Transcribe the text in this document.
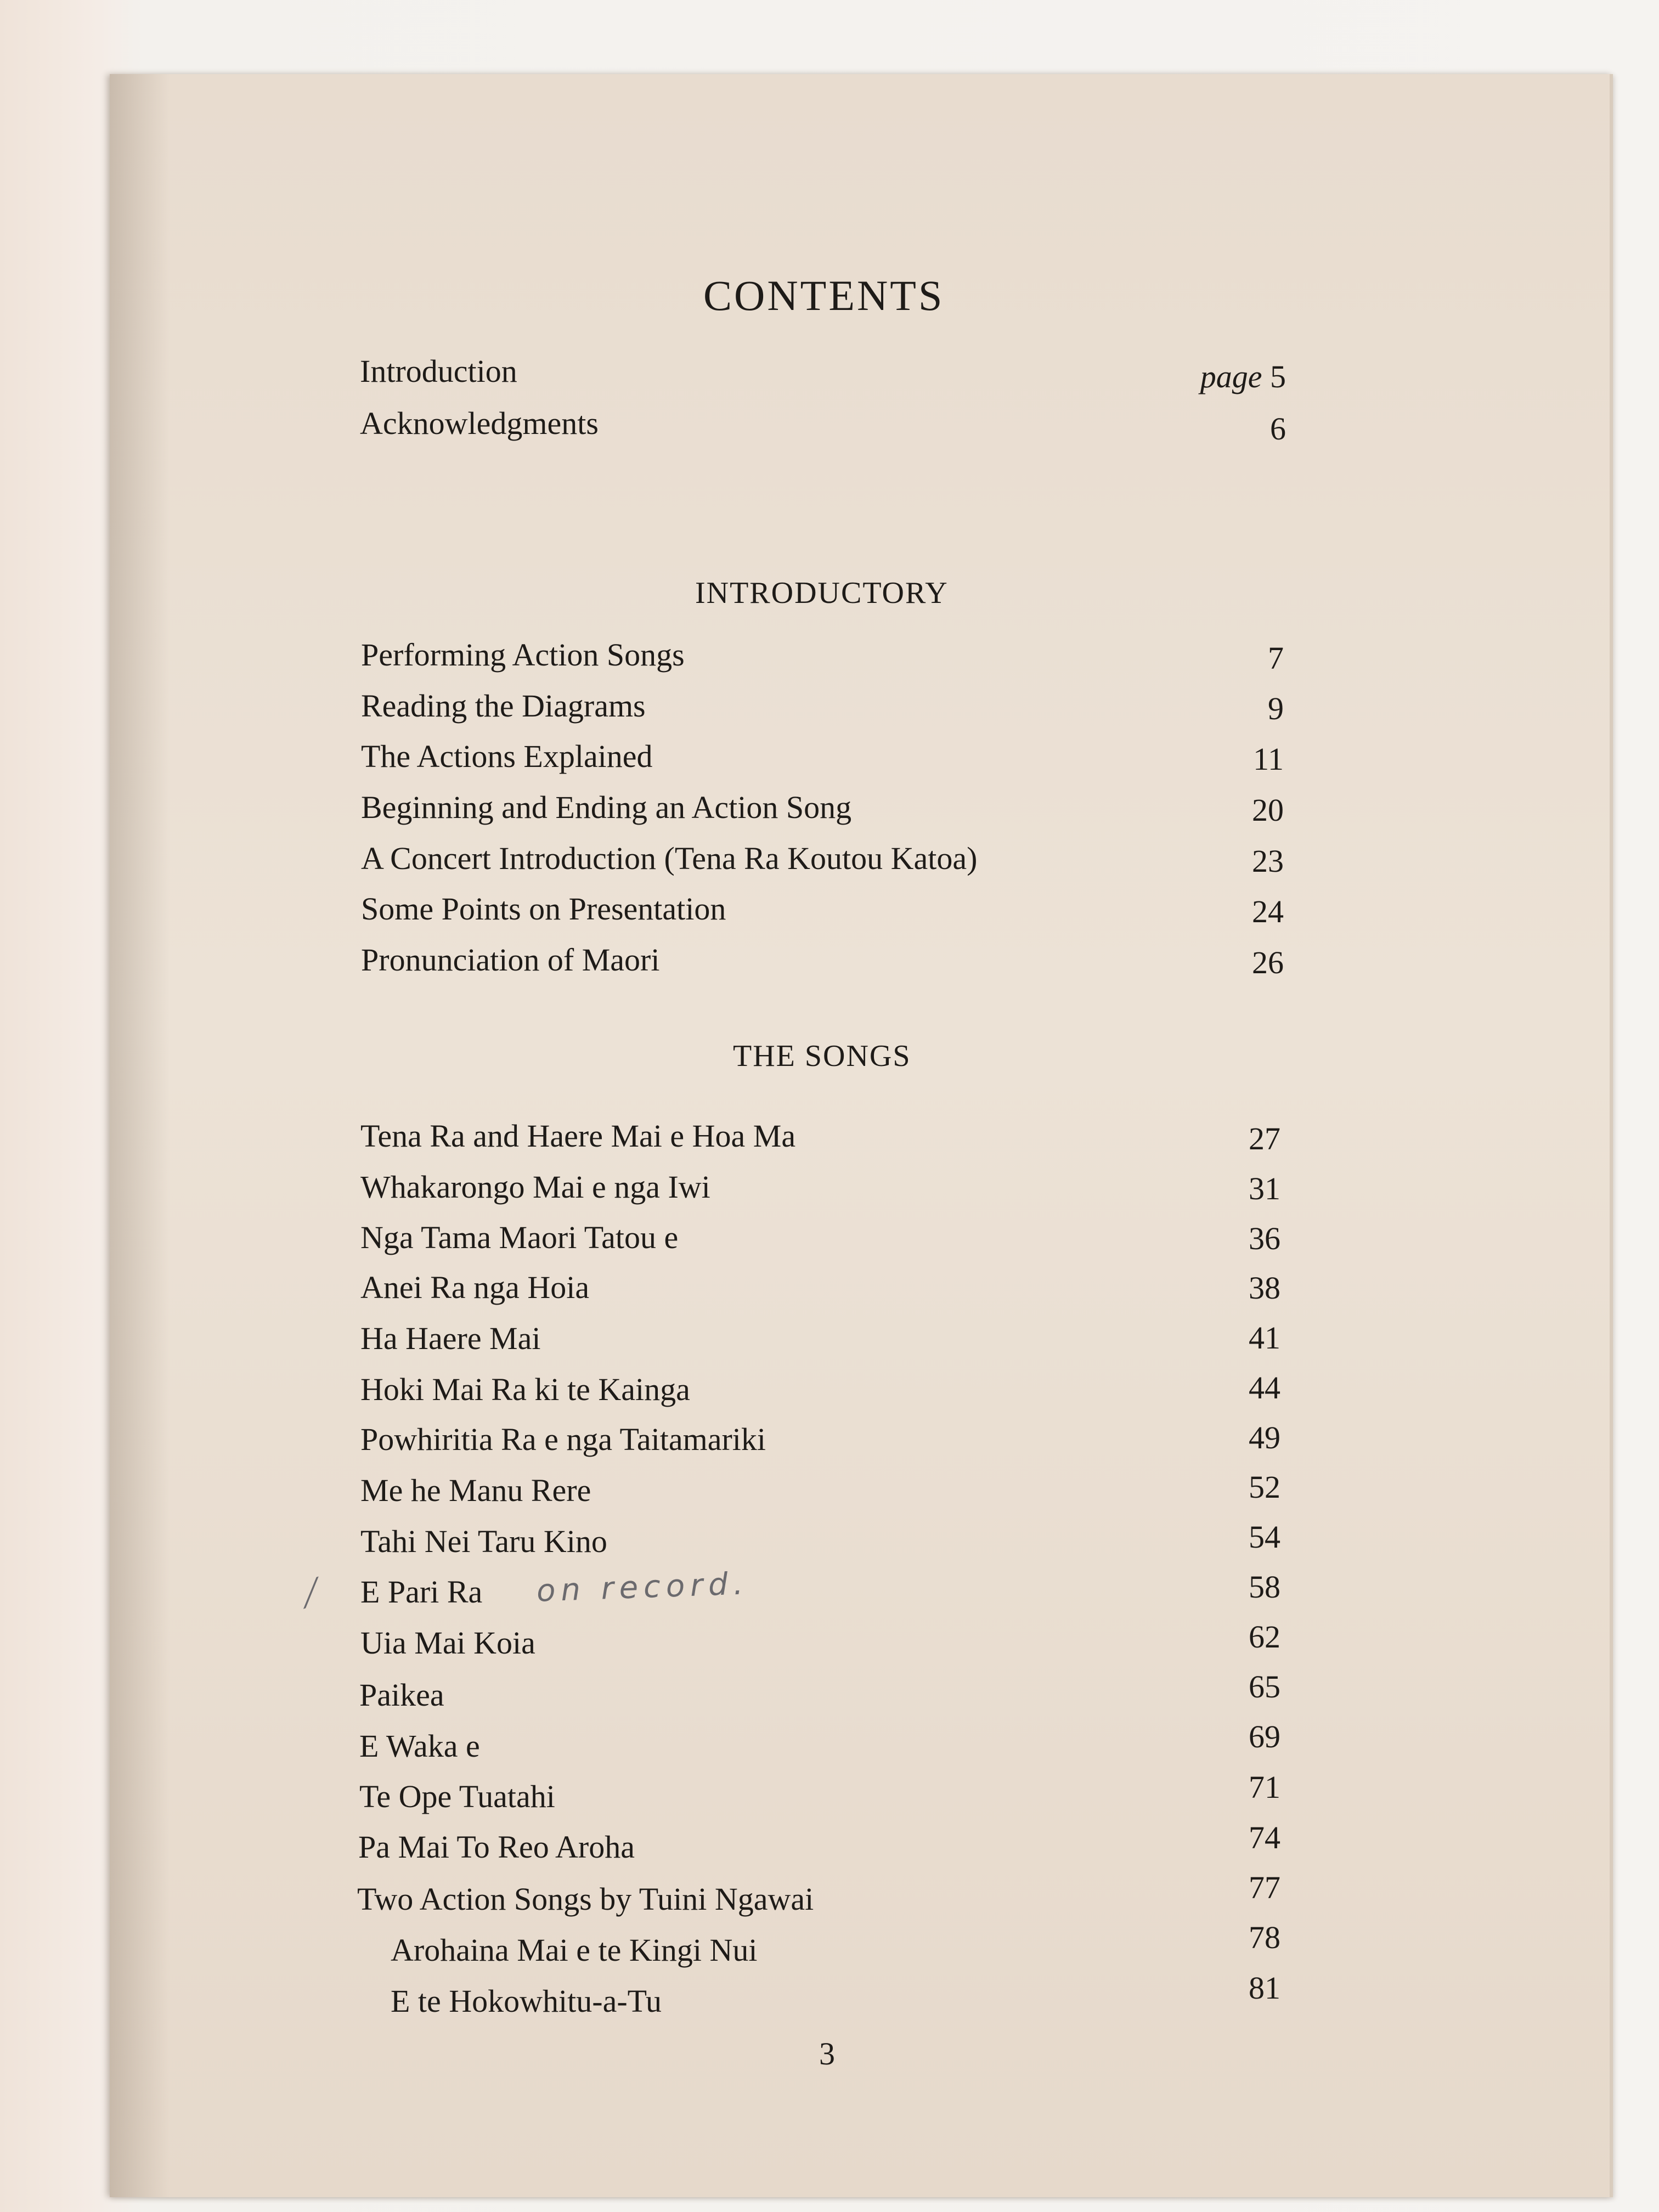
CONTENTS
Introduction	page 5
Acknowledgments	6
INTRODUCTORY
Performing Action Songs	7
Reading the Diagrams	9
The Actions Explained	11
Beginning and Ending an Action Song	20
A Concert Introduction (Tena Ra Koutou Katoa)	23
Some Points on Presentation	24
Pronunciation of Maori	26
THE SONGS
Tena Ra and Haere Mai e Hoa Ma	27
Whakarongo Mai e nga Iwi	31
Nga Tama Maori Tatou e	36
Anei Ra nga Hoia	38
Ha Haere Mai	41
Hoki Mai Ra ki te Kainga	44
Powhiritia Ra e nga Taitamariki	49
Me he Manu Rere	52
Tahi Nei Taru Kino	54
⟋ E Pari Ra on record.	58
Uia Mai Koia	62
Paikea	65
E Waka e	69
Te Ope Tuatahi	71
Pa Mai To Reo Aroha	74
Two Action Songs by Tuini Ngawai	77
Arohaina Mai e te Kingi Nui	78
E te Hokowhitu-a-Tu	81
3
